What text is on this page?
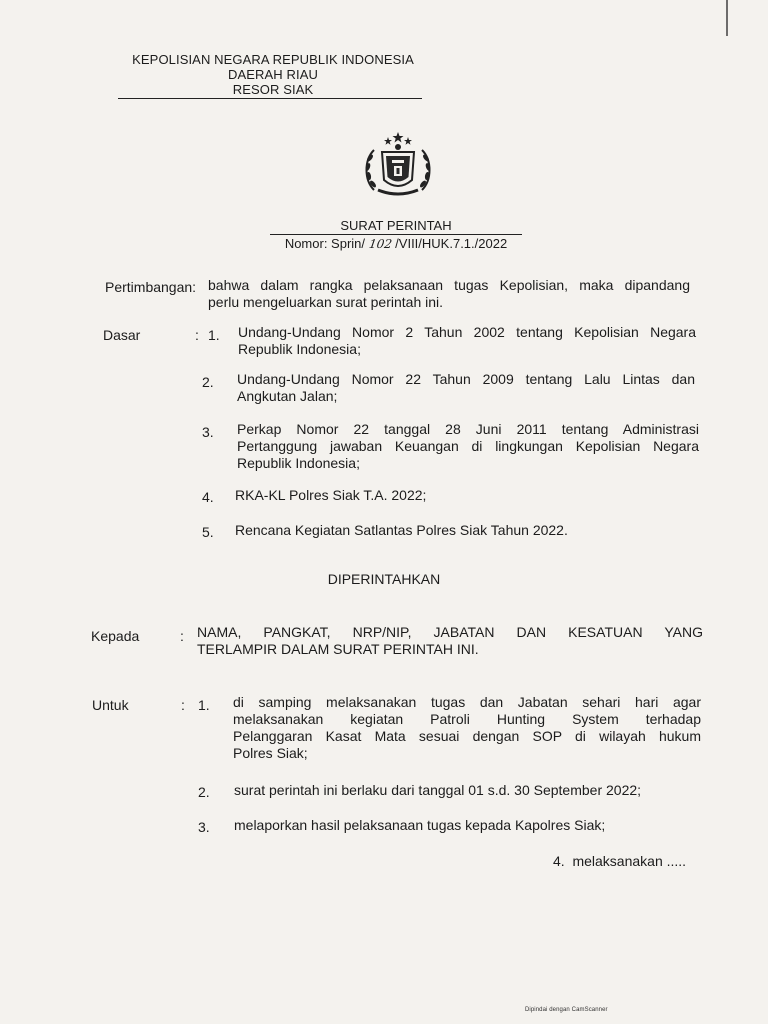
KEPOLISIAN NEGARA REPUBLIK INDONESIA
DAERAH RIAU
RESOR SIAK
SURAT PERINTAH
Nomor: Sprin/ 102 /VIII/HUK.7.1./2022
Pertimbangan: bahwa dalam rangka pelaksanaan tugas Kepolisian, maka dipandang
perlu mengeluarkan surat perintah ini.
Dasar	: 1. Undang-Undang Nomor 2 Tahun 2002 tentang Kepolisian Negara
Republik Indonesia;
2. Undang-Undang Nomor 22 Tahun 2009 tentang Lalu Lintas dan
Angkutan Jalan;
3. Perkap Nomor 22 tanggal 28 Juni 2011 tentang Administrasi
Pertanggung jawaban Keuangan di lingkungan Kepolisian Negara
Republik Indonesia;
4. RKA-KL Polres Siak T.A. 2022;
5. Rencana Kegiatan Satlantas Polres Siak Tahun 2022.
DIPERINTAHKAN
Kepada	: NAMA, PANGKAT, NRP/NIP, JABATAN DAN KESATUAN YANG
TERLAMPIR DALAM SURAT PERINTAH INI.
Untuk	: 1. di samping melaksanakan tugas dan Jabatan sehari hari agar
melaksanakan kegiatan Patroli Hunting System terhadap
Pelanggaran Kasat Mata sesuai dengan SOP di wilayah hukum
Polres Siak;
2. surat perintah ini berlaku dari tanggal 01 s.d. 30 September 2022;
3. melaporkan hasil pelaksanaan tugas kepada Kapolres Siak;
4.  melaksanakan .....
Dipindai dengan CamScanner
